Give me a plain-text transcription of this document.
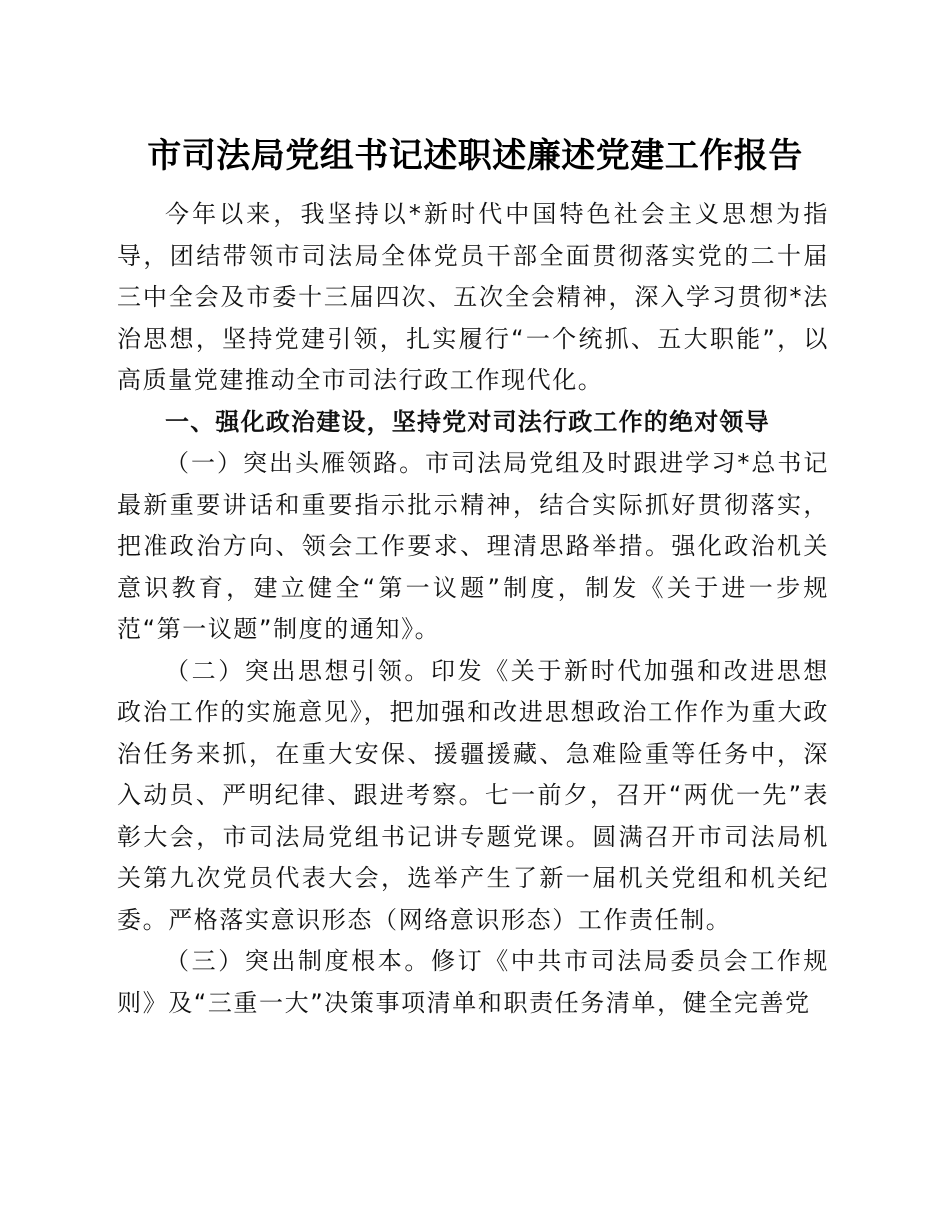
市司法局党组书记述职述廉述党建工作报告

今年以来，我坚持以*新时代中国特色社会主义思想为指导，团结带领市司法局全体党员干部全面贯彻落实党的二十届三中全会及市委十三届四次、五次全会精神，深入学习贯彻*法治思想，坚持党建引领，扎实履行“一个统抓、五大职能”，以高质量党建推动全市司法行政工作现代化。

一、强化政治建设，坚持党对司法行政工作的绝对领导

（一）突出头雁领路。市司法局党组及时跟进学习*总书记最新重要讲话和重要指示批示精神，结合实际抓好贯彻落实，把准政治方向、领会工作要求、理清思路举措。强化政治机关意识教育，建立健全“第一议题”制度，制发《关于进一步规范“第一议题”制度的通知》。

（二）突出思想引领。印发《关于新时代加强和改进思想政治工作的实施意见》，把加强和改进思想政治工作作为重大政治任务来抓，在重大安保、援疆援藏、急难险重等任务中，深入动员、严明纪律、跟进考察。七一前夕，召开“两优一先”表彰大会，市司法局党组书记讲专题党课。圆满召开市司法局机关第九次党员代表大会，选举产生了新一届机关党组和机关纪委。严格落实意识形态（网络意识形态）工作责任制。

（三）突出制度根本。修订《中共市司法局委员会工作规则》及“三重一大”决策事项清单和职责任务清单，健全完善党
